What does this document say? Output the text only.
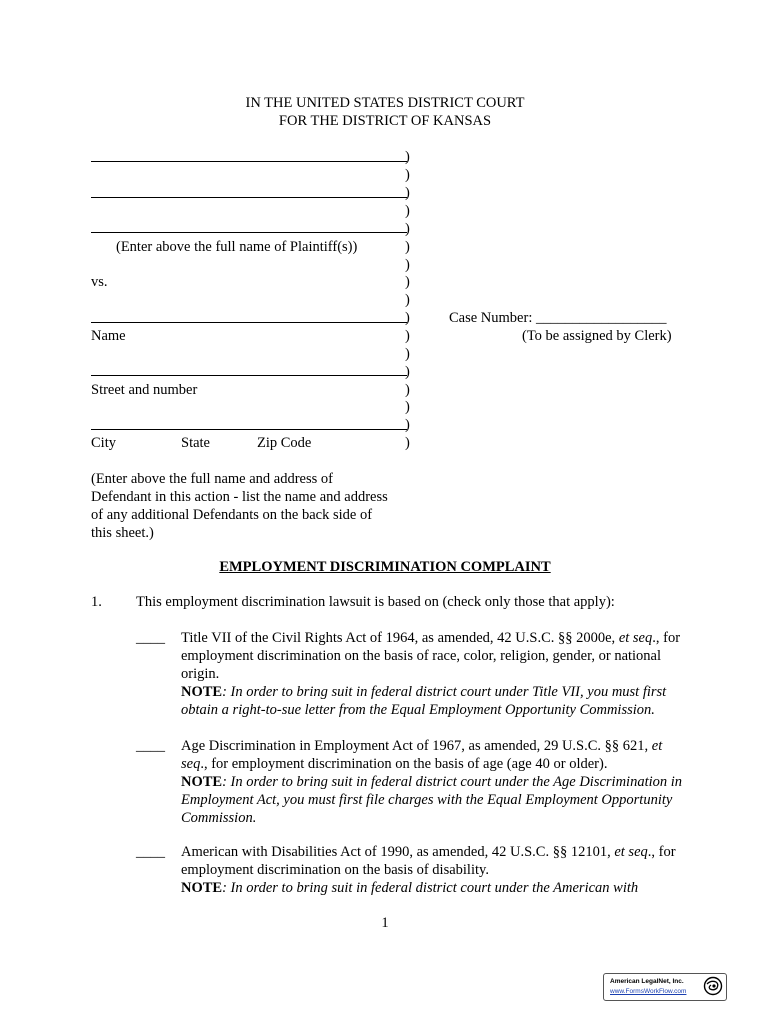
IN THE UNITED STATES DISTRICT COURT
FOR THE DISTRICT OF KANSAS
)
)
)
)
)
)
)
)
)
)
)
)
)
)
)
)
)
(Enter above the full name of Plaintiff(s))
vs.
Name
Street and number
City	State	Zip Code
Case Number: __________________
(To be assigned by Clerk)
(Enter above the full name and address of
Defendant in this action - list the name and address
of any additional Defendants on the back side of
this sheet.)
EMPLOYMENT DISCRIMINATION COMPLAINT
1. This employment discrimination lawsuit is based on (check only those that apply):
____ Title VII of the Civil Rights Act of 1964, as amended, 42 U.S.C. §§ 2000e, et seq., for employment discrimination on the basis of race, color, religion, gender, or national origin.
NOTE: In order to bring suit in federal district court under Title VII, you must first obtain a right-to-sue letter from the Equal Employment Opportunity Commission.
____ Age Discrimination in Employment Act of 1967, as amended, 29 U.S.C. §§ 621, et seq., for employment discrimination on the basis of age (age 40 or older).
NOTE: In order to bring suit in federal district court under the Age Discrimination in Employment Act, you must first file charges with the Equal Employment Opportunity Commission.
____ American with Disabilities Act of 1990, as amended, 42 U.S.C. §§ 12101, et seq., for employment discrimination on the basis of disability.
NOTE: In order to bring suit in federal district court under the American with
1
American LegalNet, Inc.
www.FormsWorkFlow.com
